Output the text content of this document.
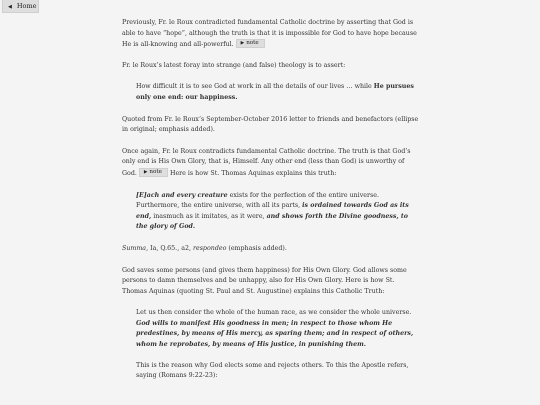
◀ Home

Previously, Fr. le Roux contradicted fundamental Catholic doctrine by asserting that God is able to have “hope”, although the truth is that it is impossible for God to have hope because He is all-knowing and all-powerful. ▶ note

Fr. le Roux’s latest foray into strange (and false) theology is to assert:

How difficult it is to see God at work in all the details of our lives … while He pursues only one end: our happiness.

Quoted from Fr. le Roux’s September-October 2016 letter to friends and benefactors (ellipse in original; emphasis added).

Once again, Fr. le Roux contradicts fundamental Catholic doctrine. The truth is that God’s only end is His Own Glory, that is, Himself. Any other end (less than God) is unworthy of God. ▶ note Here is how St. Thomas Aquinas explains this truth:

[E]ach and every creature exists for the perfection of the entire universe. Furthermore, the entire universe, with all its parts, is ordained towards God as its end, inasmuch as it imitates, as it were, and shows forth the Divine goodness, to the glory of God.

Summa, Ia, Q.65., a2, respondeo (emphasis added).

God saves some persons (and gives them happiness) for His Own Glory. God allows some persons to damn themselves and be unhappy, also for His Own Glory. Here is how St. Thomas Aquinas (quoting St. Paul and St. Augustine) explains this Catholic Truth:

Let us then consider the whole of the human race, as we consider the whole universe. God wills to manifest His goodness in men; in respect to those whom He predestines, by means of His mercy, as sparing them; and in respect of others, whom he reprobates, by means of His justice, in punishing them.
This is the reason why God elects some and rejects others. To this the Apostle refers, saying (Romans 9:22-23):
